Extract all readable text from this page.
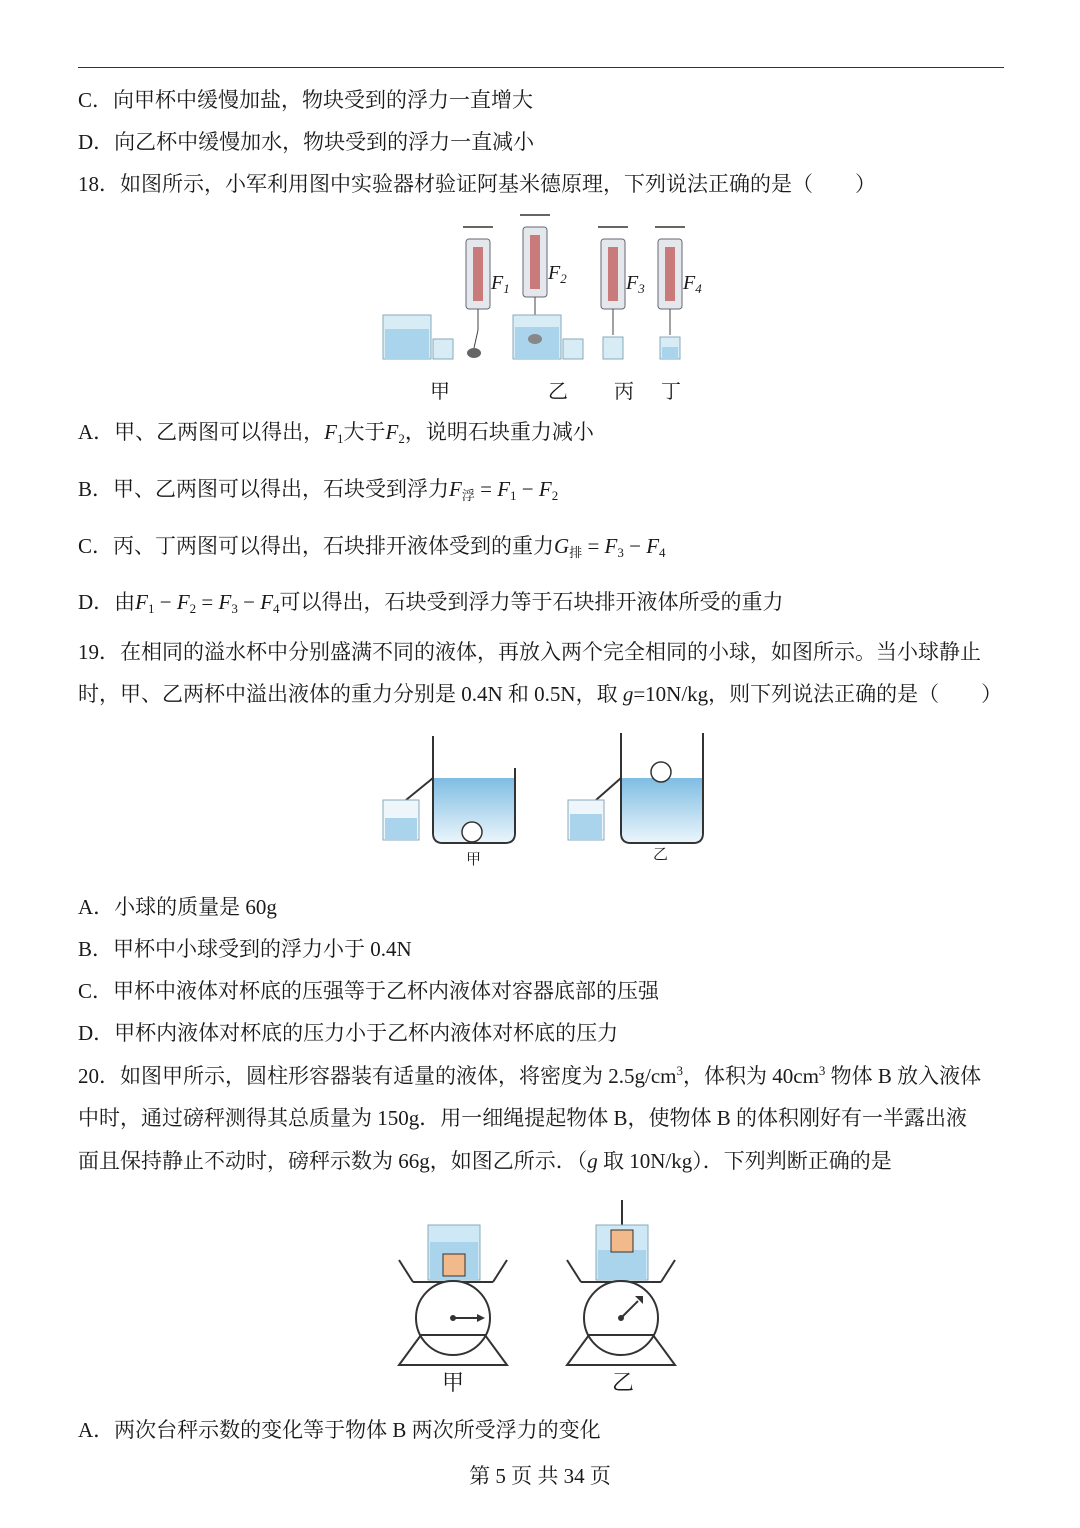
C．向甲杯中缓慢加盐，物块受到的浮力一直增大
D．向乙杯中缓慢加水，物块受到的浮力一直减小
18．如图所示，小军利用图中实验器材验证阿基米德原理，下列说法正确的是（　　）
$F_1$
$F_2$	$F_3$ $F_4$
甲	乙 丙 丁
A．甲、乙两图可以得出，$F_1$大于$F_2$，说明石块重力减小
B．甲、乙两图可以得出，石块受到浮力$F_浮 = F_1 - F_2$
C．丙、丁两图可以得出，石块排开液体受到的重力$G_排 = F_3 - F_4$
D．由$F_1 - F_2 = F_3 - F_4$可以得出，石块受到浮力等于石块排开液体所受的重力
19．在相同的溢水杯中分别盛满不同的液体，再放入两个完全相同的小球，如图所示。当小球静止
时，甲、乙两杯中溢出液体的重力分别是 0.4N 和 0.5N，取 g=10N/kg，则下列说法正确的是（　　）
甲	乙
A．小球的质量是 60g
B．甲杯中小球受到的浮力小于 0.4N
C．甲杯中液体对杯底的压强等于乙杯内液体对容器底部的压强
D．甲杯内液体对杯底的压力小于乙杯内液体对杯底的压力
20．如图甲所示，圆柱形容器装有适量的液体，将密度为 $2.5g/cm^3$，体积为 $40cm^3$ 物体 B 放入液体
中时，通过磅秤测得其总质量为 150g．用一细绳提起物体 B，使物体 B 的体积刚好有一半露出液
面且保持静止不动时，磅秤示数为 66g，如图乙所示．（g 取 10N/kg）．下列判断正确的是
甲	乙
A．两次台秤示数的变化等于物体 B 两次所受浮力的变化
第 5 页 共 34 页
